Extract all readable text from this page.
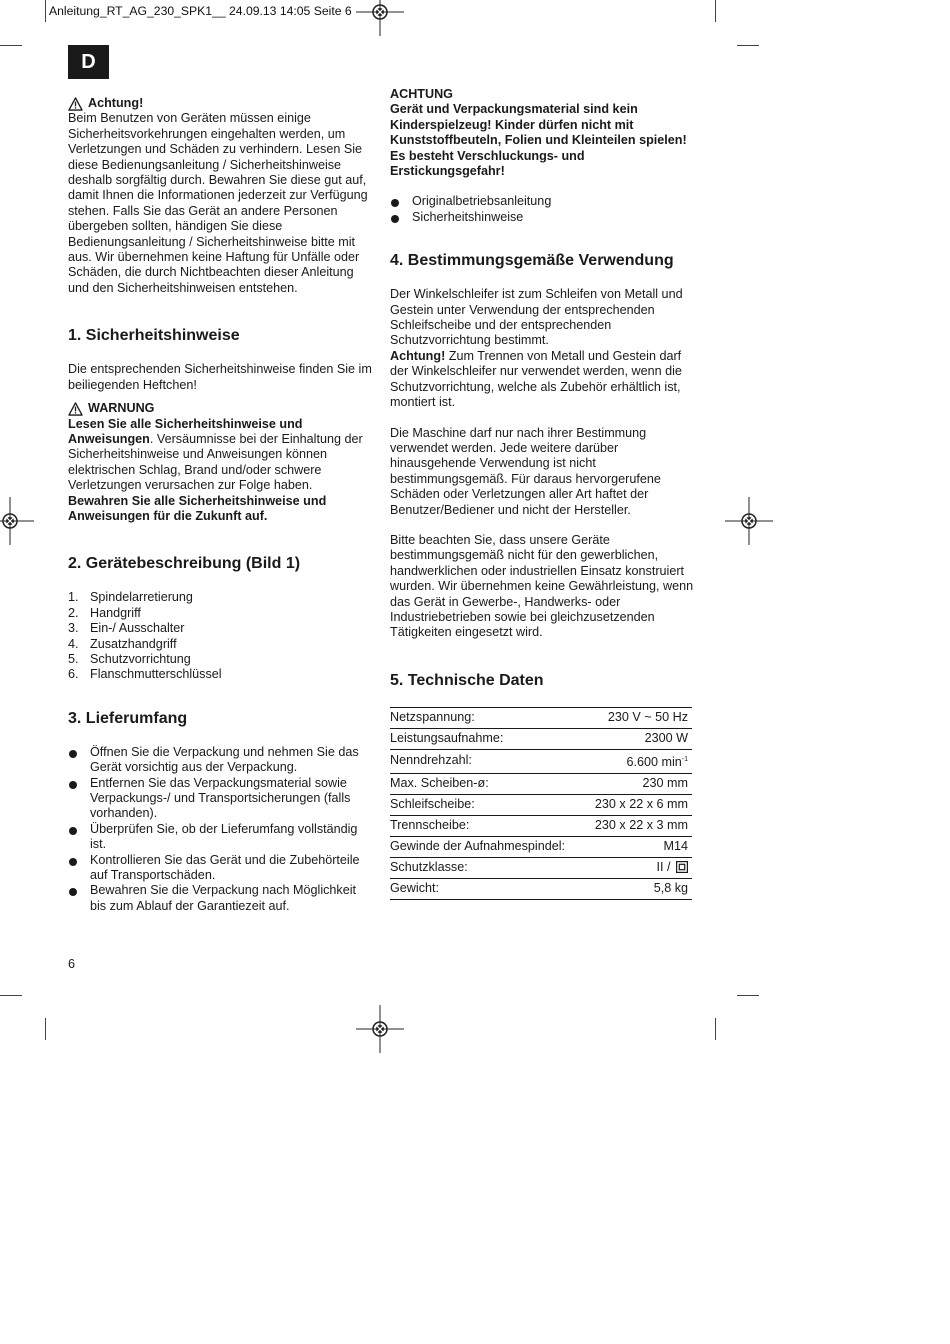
Anleitung_RT_AG_230_SPK1__ 24.09.13 14:05 Seite 6
D
Achtung!

Beim Benutzen von Geräten müssen einige Sicherheitsvorkehrungen eingehalten werden, um Verletzungen und Schäden zu verhindern. Lesen Sie diese Bedienungsanleitung / Sicherheitshinweise deshalb sorgfältig durch. Bewahren Sie diese gut auf, damit Ihnen die Informationen jederzeit zur Verfügung stehen. Falls Sie das Gerät an andere Personen übergeben sollten, händigen Sie diese Bedienungsanleitung / Sicherheitshinweise bitte mit aus. Wir übernehmen keine Haftung für Unfälle oder Schäden, die durch Nichtbeachten dieser Anleitung und den Sicherheitshinweisen entstehen.

1. Sicherheitshinweise

Die entsprechenden Sicherheitshinweise finden Sie im beiliegenden Heftchen!

WARNUNG

Lesen Sie alle Sicherheitshinweise und Anweisungen. Versäumnisse bei der Einhaltung der Sicherheitshinweise und Anweisungen können elektrischen Schlag, Brand und/oder schwere Verletzungen verursachen zur Folge haben.

Bewahren Sie alle Sicherheitshinweise und Anweisungen für die Zukunft auf.

2. Gerätebeschreibung (Bild 1)
1. Spindelarretierung
2. Handgriff
3. Ein-/ Ausschalter
4. Zusatzhandgriff
5. Schutzvorrichtung
6. Flanschmutterschlüssel
3. Lieferumfang
Öffnen Sie die Verpackung und nehmen Sie das Gerät vorsichtig aus der Verpackung.
Entfernen Sie das Verpackungsmaterial sowie Verpackungs-/ und Transportsicherungen (falls vorhanden).
Überprüfen Sie, ob der Lieferumfang vollständig ist.
Kontrollieren Sie das Gerät und die Zubehörteile auf Transportschäden.
Bewahren Sie die Verpackung nach Möglichkeit bis zum Ablauf der Garantiezeit auf.

ACHTUNG

Gerät und Verpackungsmaterial sind kein Kinderspielzeug! Kinder dürfen nicht mit Kunststoffbeuteln, Folien und Kleinteilen spielen! Es besteht Verschluckungs- und Erstickungsgefahr!

Originalbetriebsanleitung
Sicherheitshinweise
4. Bestimmungsgemäße Verwendung

Der Winkelschleifer ist zum Schleifen von Metall und Gestein unter Verwendung der entsprechenden Schleifscheibe und der entsprechenden Schutzvorrichtung bestimmt.

Achtung! Zum Trennen von Metall und Gestein darf der Winkelschleifer nur verwendet werden, wenn die Schutzvorrichtung, welche als Zubehör erhältlich ist, montiert ist.

Die Maschine darf nur nach ihrer Bestimmung verwendet werden. Jede weitere darüber hinausgehende Verwendung ist nicht bestimmungsgemäß. Für daraus hervorgerufene Schäden oder Verletzungen aller Art haftet der Benutzer/Bediener und nicht der Hersteller.

Bitte beachten Sie, dass unsere Geräte bestimmungsgemäß nicht für den gewerblichen, handwerklichen oder industriellen Einsatz konstruiert wurden. Wir übernehmen keine Gewährleistung, wenn das Gerät in Gewerbe-, Handwerks- oder Industriebetrieben sowie bei gleichzusetzenden Tätigkeiten eingesetzt wird.

5. Technische Daten
Netzspannung:	230 V ~ 50 Hz
Leistungsaufnahme:	2300 W
Nenndrehzahl:	6.600 $\min^{-1}$
Max. Scheiben-ø:	230 mm
Schleifscheibe:	230 x 22 x 6 mm
Trennscheibe:	230 x 22 x 3 mm
Gewinde der Aufnahmespindel:	M14
Schutzklasse:	II /
Gewicht:	5,8 kg
6
